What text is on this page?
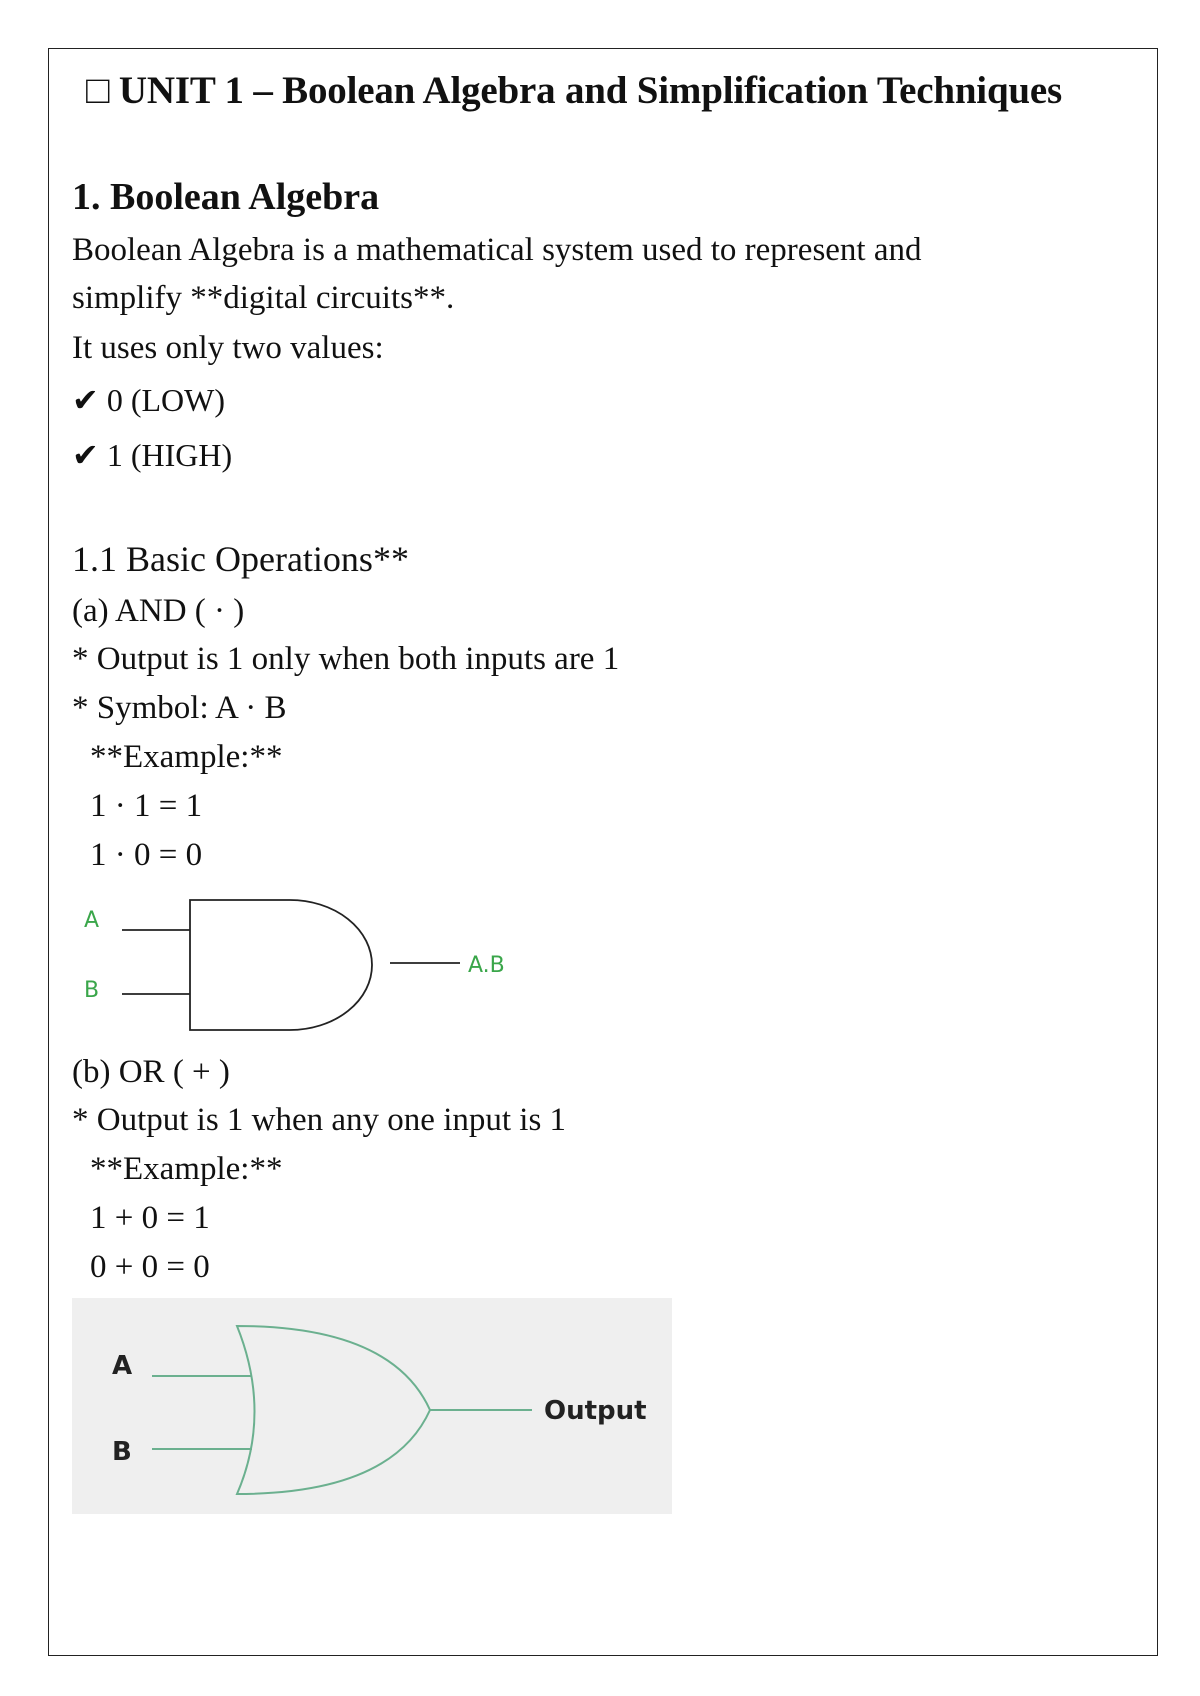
□ UNIT 1 – Boolean Algebra and Simplification Techniques
1. Boolean Algebra
Boolean Algebra is a mathematical system used to represent and
simplify **digital circuits**.
It uses only two values:
✔ 0 (LOW)
✔ 1 (HIGH)
1.1 Basic Operations**
(a) AND ( · )
* Output is 1 only when both inputs are 1
* Symbol: A · B
**Example:**
1 · 1 = 1
1 · 0 = 0
A
B
A.B
(b) OR ( + )
* Output is 1 when any one input is 1
**Example:**
1 + 0 = 1
0 + 0 = 0
A
B
Output
